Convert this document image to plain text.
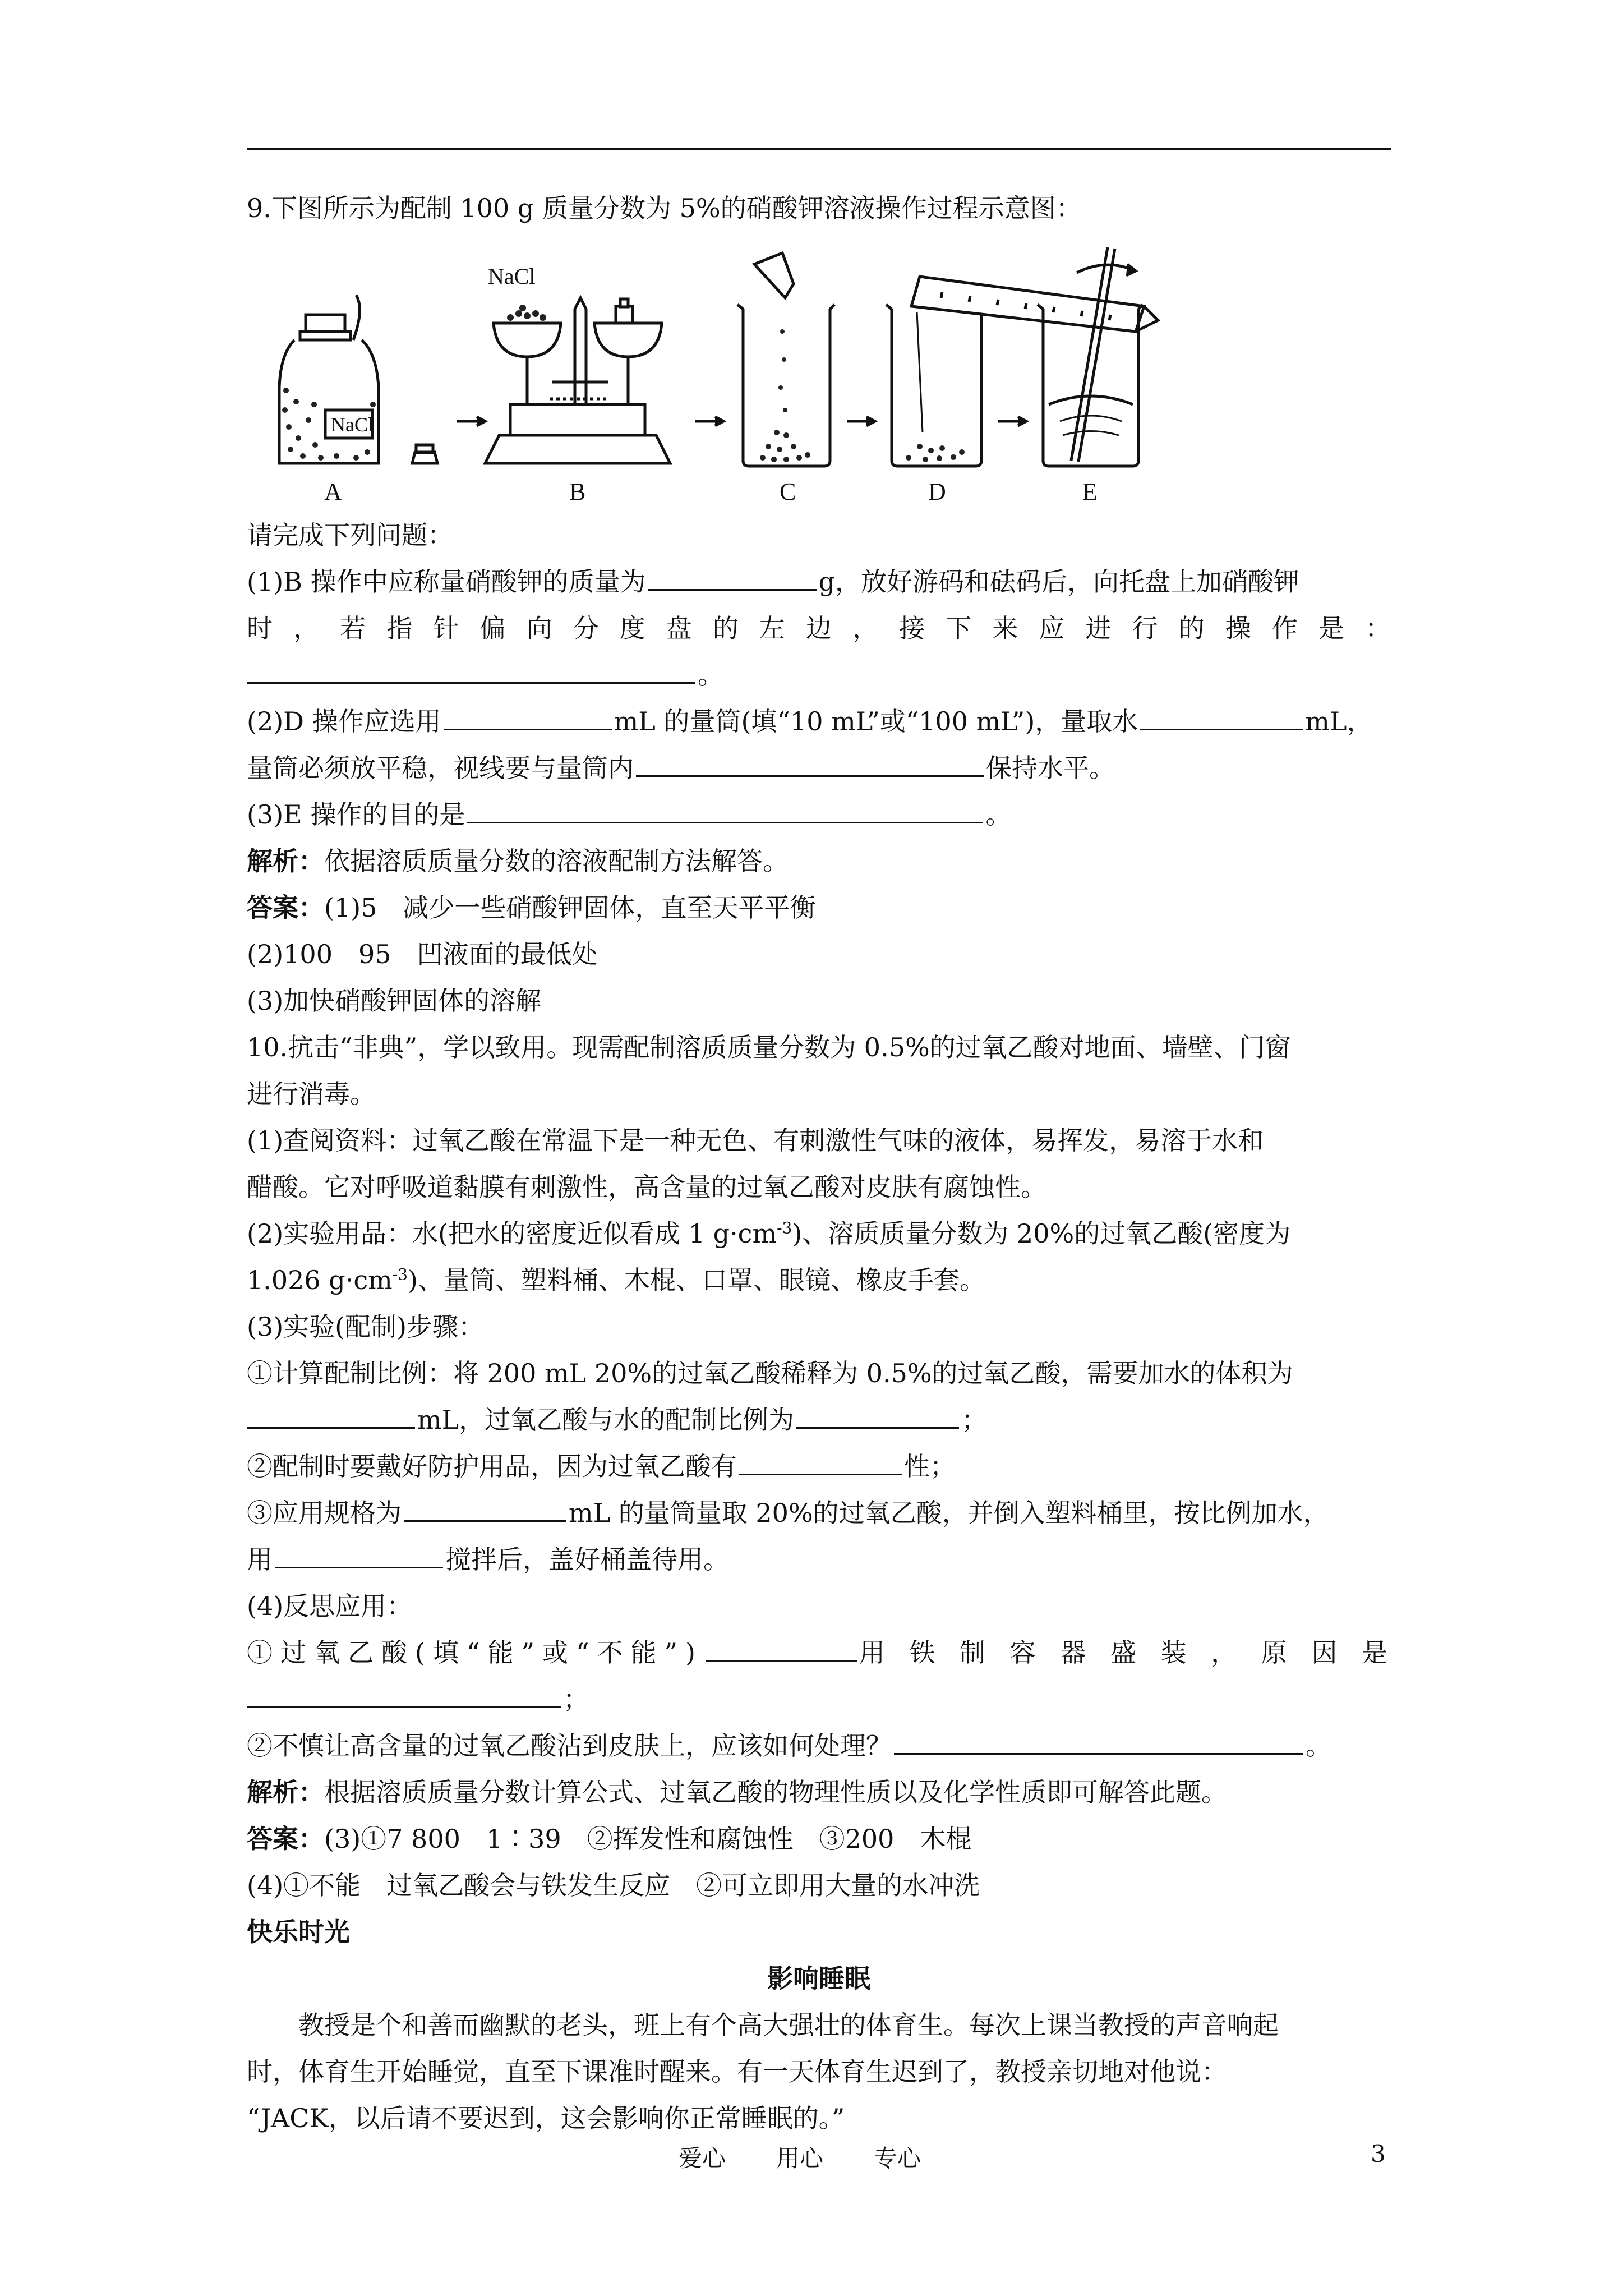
9.下图所示为配制 100 g 质量分数为 5%的硝酸钾溶液操作过程示意图：
NaCl
NaCl
A	B	C	D	E
请完成下列问题：
(1)B 操作中应称量硝酸钾的质量为	g，放好游码和砝码后，向托盘上加硝酸钾
时，若指针偏向分度盘的左边，接下来应进行的操作是：
。
(2)D 操作应选用	mL 的量筒(填“10 mL”或“100 mL”)，量取水	mL，
量筒必须放平稳，视线要与量筒内	保持水平。
(3)E 操作的目的是	。
解析：依据溶质质量分数的溶液配制方法解答。
答案：(1)5　减少一些硝酸钾固体，直至天平平衡
(2)100　95　凹液面的最低处
(3)加快硝酸钾固体的溶解
10.抗击“非典”，学以致用。现需配制溶质质量分数为 0.5%的过氧乙酸对地面、墙壁、门窗
进行消毒。
(1)查阅资料：过氧乙酸在常温下是一种无色、有刺激性气味的液体，易挥发，易溶于水和
醋酸。它对呼吸道黏膜有刺激性，高含量的过氧乙酸对皮肤有腐蚀性。
(2)实验用品：水(把水的密度近似看成 1 $g\cdot cm^{-3}$)、溶质质量分数为 20%的过氧乙酸(密度为
1.026 $g\cdot cm^{-3}$)、量筒、塑料桶、木棍、口罩、眼镜、橡皮手套。
(3)实验(配制)步骤：
①计算配制比例：将 200 mL 20%的过氧乙酸稀释为 0.5%的过氧乙酸，需要加水的体积为
mL，过氧乙酸与水的配制比例为	；
②配制时要戴好防护用品，因为过氧乙酸有	性；
③应用规格为	mL 的量筒量取 20%的过氧乙酸，并倒入塑料桶里，按比例加水，
用	搅拌后，盖好桶盖待用。
(4)反思应用：
①过氧乙酸(填“能”或“不能”)	用铁制容器盛装，原因是
；
②不慎让高含量的过氧乙酸沾到皮肤上，应该如何处理？	。
解析：根据溶质质量分数计算公式、过氧乙酸的物理性质以及化学性质即可解答此题。
答案：(3)①7 800　1∶39　②挥发性和腐蚀性　③200　木棍
(4)①不能　过氧乙酸会与铁发生反应　②可立即用大量的水冲洗
快乐时光
影响睡眠
教授是个和善而幽默的老头，班上有个高大强壮的体育生。每次上课当教授的声音响起
时，体育生开始睡觉，直至下课准时醒来。有一天体育生迟到了，教授亲切地对他说：
“JACK，以后请不要迟到，这会影响你正常睡眠的。”
爱心 用心 专心	3
